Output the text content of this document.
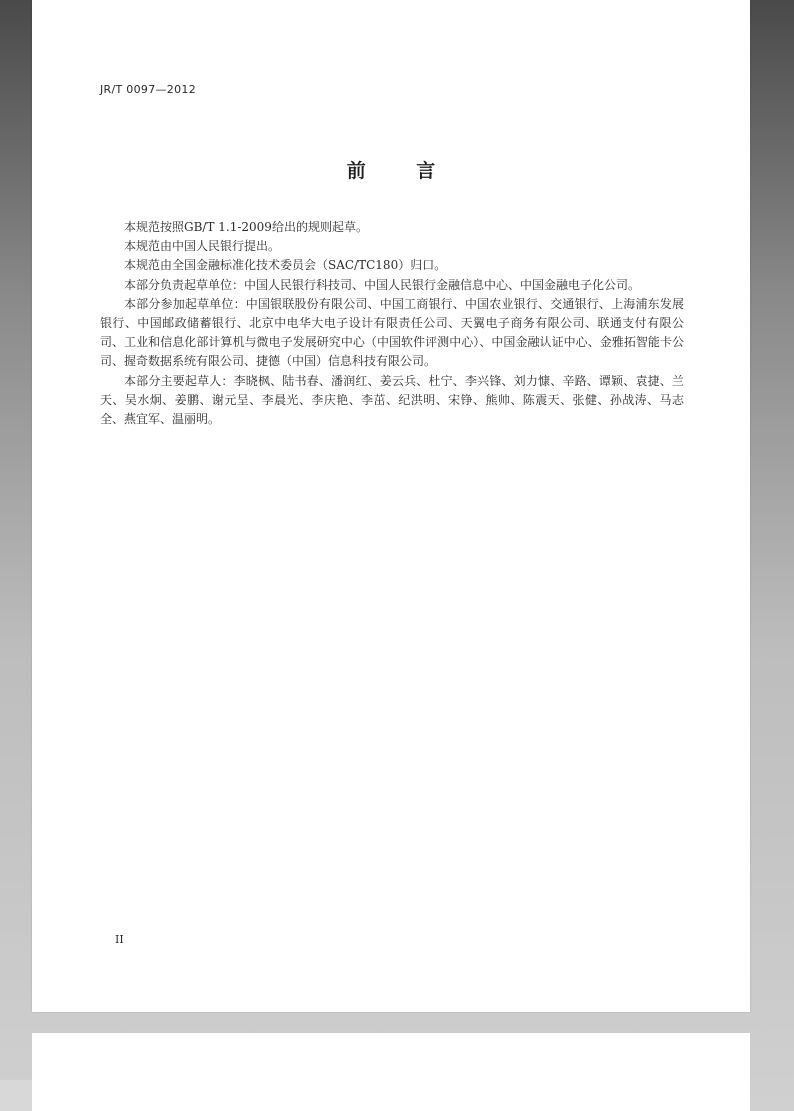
JR/T 0097—2012
前 言

本规范按照GB/T 1.1-2009给出的规则起草。

本规范由中国人民银行提出。

本规范由全国金融标准化技术委员会（SAC/TC180）归口。

本部分负责起草单位：中国人民银行科技司、中国人民银行金融信息中心、中国金融电子化公司。

本部分参加起草单位：中国银联股份有限公司、中国工商银行、中国农业银行、交通银行、上海浦东发展银行、中国邮政储蓄银行、北京中电华大电子设计有限责任公司、天翼电子商务有限公司、联通支付有限公司、工业和信息化部计算机与微电子发展研究中心（中国软件评测中心）、中国金融认证中心、金雅拓智能卡公司、握奇数据系统有限公司、捷德（中国）信息科技有限公司。

本部分主要起草人：李晓枫、陆书春、潘润红、姜云兵、杜宁、李兴锋、刘力慷、辛路、谭颖、袁捷、兰天、吴水炯、姜鹏、谢元呈、李晨光、李庆艳、李茁、纪洪明、宋铮、熊帅、陈震天、张健、孙战涛、马志全、燕宜军、温丽明。

II
